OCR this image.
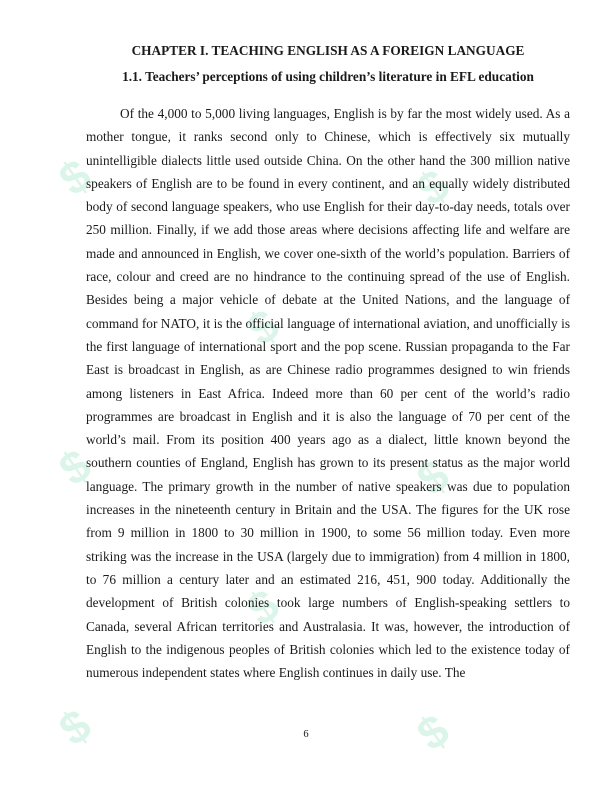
$
$
$
$
$
$
$
$
CHAPTER I. TEACHING ENGLISH AS A FOREIGN LANGUAGE
1.1. Teachers’ perceptions of using children’s literature in EFL education

Of the 4,000 to 5,000 living languages, English is by far the most widely used. As a mother tongue, it ranks second only to Chinese, which is effectively six mutually unintelligible dialects little used outside China. On the other hand the 300 million native speakers of English are to be found in every continent, and an equally widely distributed body of second language speakers, who use English for their day-to-day needs, totals over 250 million. Finally, if we add those areas where decisions affecting life and welfare are made and announced in English, we cover one-sixth of the world’s population. Barriers of race, colour and creed are no hindrance to the continuing spread of the use of English. Besides being a major vehicle of debate at the United Nations, and the language of command for NATO, it is the official language of international aviation, and unofficially is the first language of international sport and the pop scene. Russian propaganda to the Far East is broadcast in English, as are Chinese radio programmes designed to win friends among listeners in East Africa. Indeed more than 60 per cent of the world’s radio programmes are broadcast in English and it is also the language of 70 per cent of the world’s mail. From its position 400 years ago as a dialect, little known beyond the southern counties of England, English has grown to its present status as the major world language. The primary growth in the number of native speakers was due to population increases in the nineteenth century in Britain and the USA. The figures for the UK rose from 9 million in 1800 to 30 million in 1900, to some 56 million today. Even more striking was the increase in the USA (largely due to immigration) from 4 million in 1800, to 76 million a century later and an estimated 216, 451, 900 today. Additionally the development of British colonies took large numbers of English-speaking settlers to Canada, several African territories and Australasia. It was, however, the introduction of English to the indigenous peoples of British colonies which led to the existence today of numerous independent states where English continues in daily use. The

6
